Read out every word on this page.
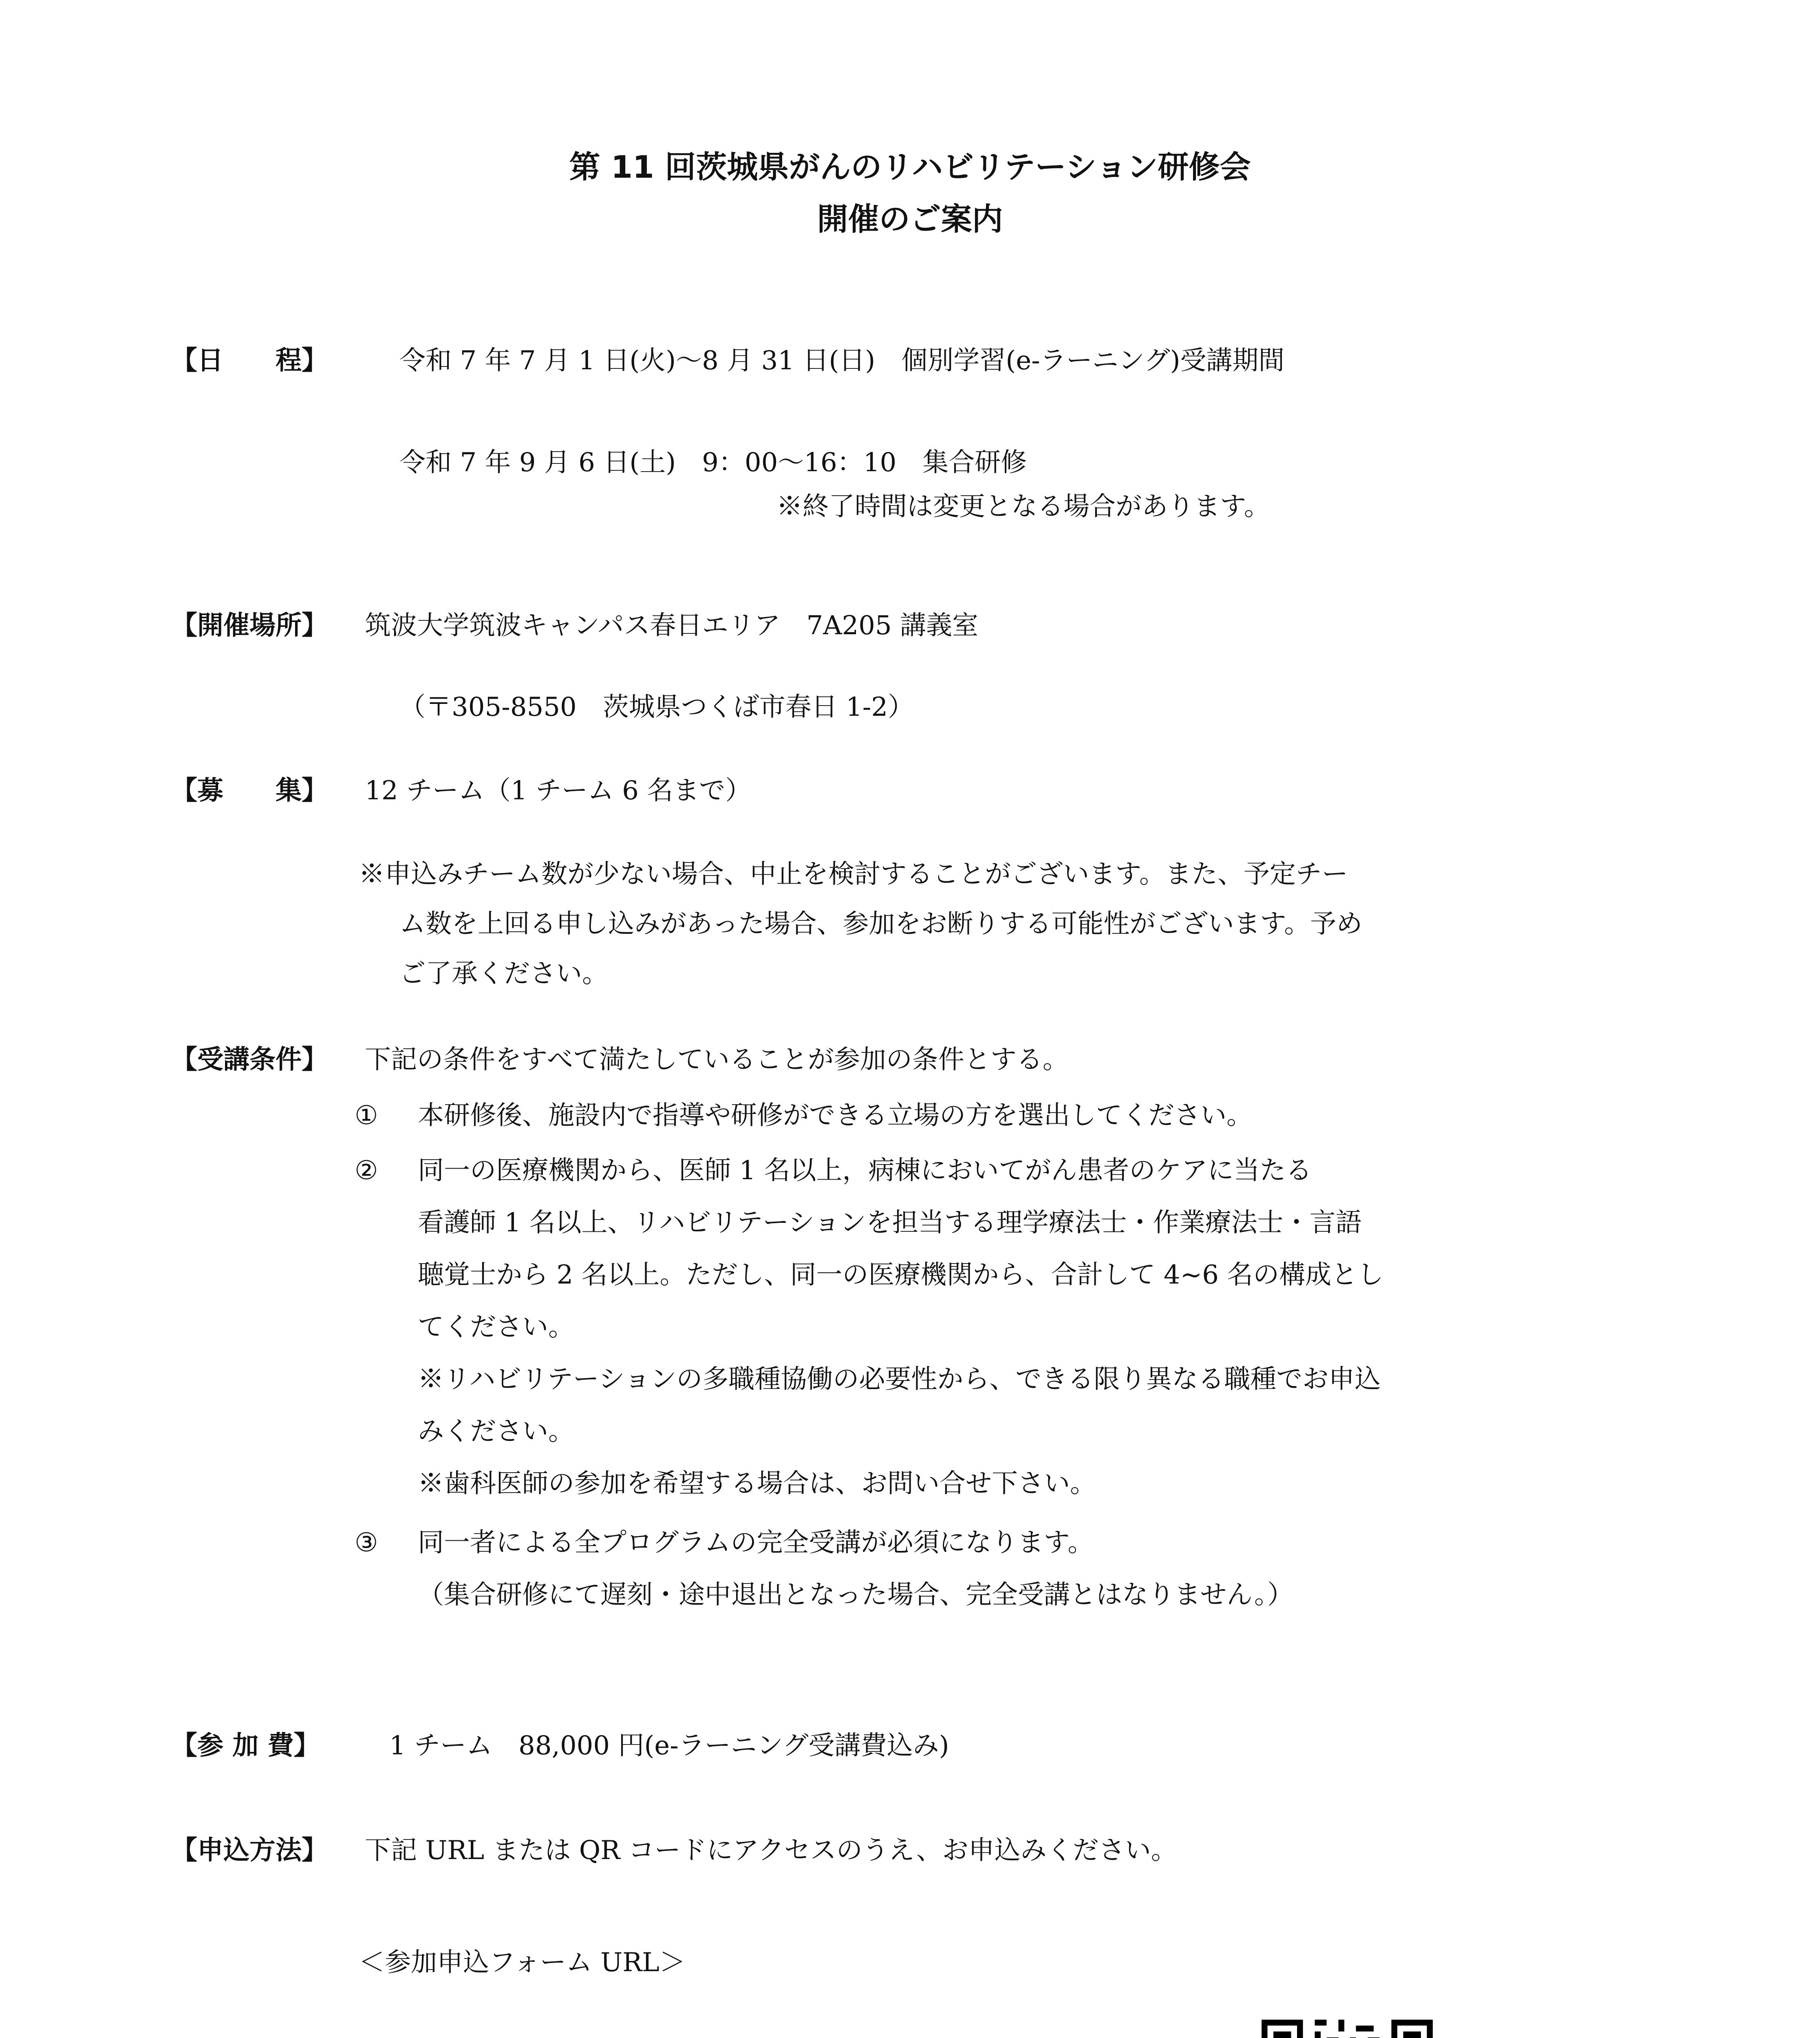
第 11 回茨城県がんのリハビリテーション研修会
開催のご案内
【日　　程】	令和 7 年 7 月 1 日(火)～8 月 31 日(日)　個別学習(e-ラーニング)受講期間
令和 7 年 9 月 6 日(土)　9：00～16：10　集合研修
※終了時間は変更となる場合があります。
【開催場所】 筑波大学筑波キャンパス春日エリア　7A205 講義室
（〒305-8550　茨城県つくば市春日 1-2）
【募　　集】 12 チーム（1 チーム 6 名まで）
※申込みチーム数が少ない場合、中止を検討することがございます。また、予定チー
ム数を上回る申し込みがあった場合、参加をお断りする可能性がございます。予め
ご了承ください。
【受講条件】 下記の条件をすべて満たしていることが参加の条件とする。
① 本研修後、施設内で指導や研修ができる立場の方を選出してください。
② 同一の医療機関から、医師 1 名以上，病棟においてがん患者のケアに当たる
看護師 1 名以上、リハビリテーションを担当する理学療法士・作業療法士・言語
聴覚士から 2 名以上。ただし、同一の医療機関から、合計して 4~6 名の構成とし
てください。
※リハビリテーションの多職種協働の必要性から、できる限り異なる職種でお申込
みください。
※歯科医師の参加を希望する場合は、お問い合せ下さい。
③ 同一者による全プログラムの完全受講が必須になります。
（集合研修にて遅刻・途中退出となった場合、完全受講とはなりません。）
【参 加 費】	1 チーム　88,000 円(e-ラーニング受講費込み)
【申込方法】 下記 URL または QR コードにアクセスのうえ、お申込みください。
＜参加申込フォーム URL＞
